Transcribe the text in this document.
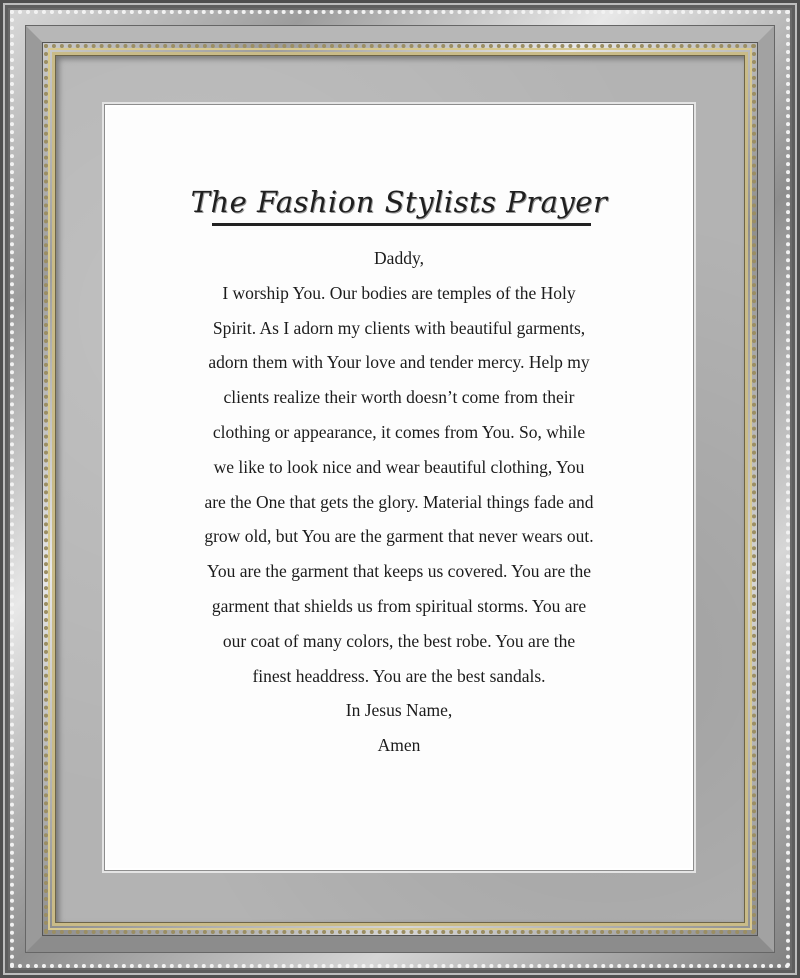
The Fashion Stylists Prayer
Daddy,
I worship You. Our bodies are temples of the Holy
Spirit. As I adorn my clients with beautiful garments,
adorn them with Your love and tender mercy. Help my
clients realize their worth doesn’t come from their
clothing or appearance, it comes from You. So, while
we like to look nice and wear beautiful clothing, You
are the One that gets the glory. Material things fade and
grow old, but You are the garment that never wears out.
You are the garment that keeps us covered. You are the
garment that shields us from spiritual storms. You are
our coat of many colors, the best robe. You are the
finest headdress. You are the best sandals.
In Jesus Name,
Amen
